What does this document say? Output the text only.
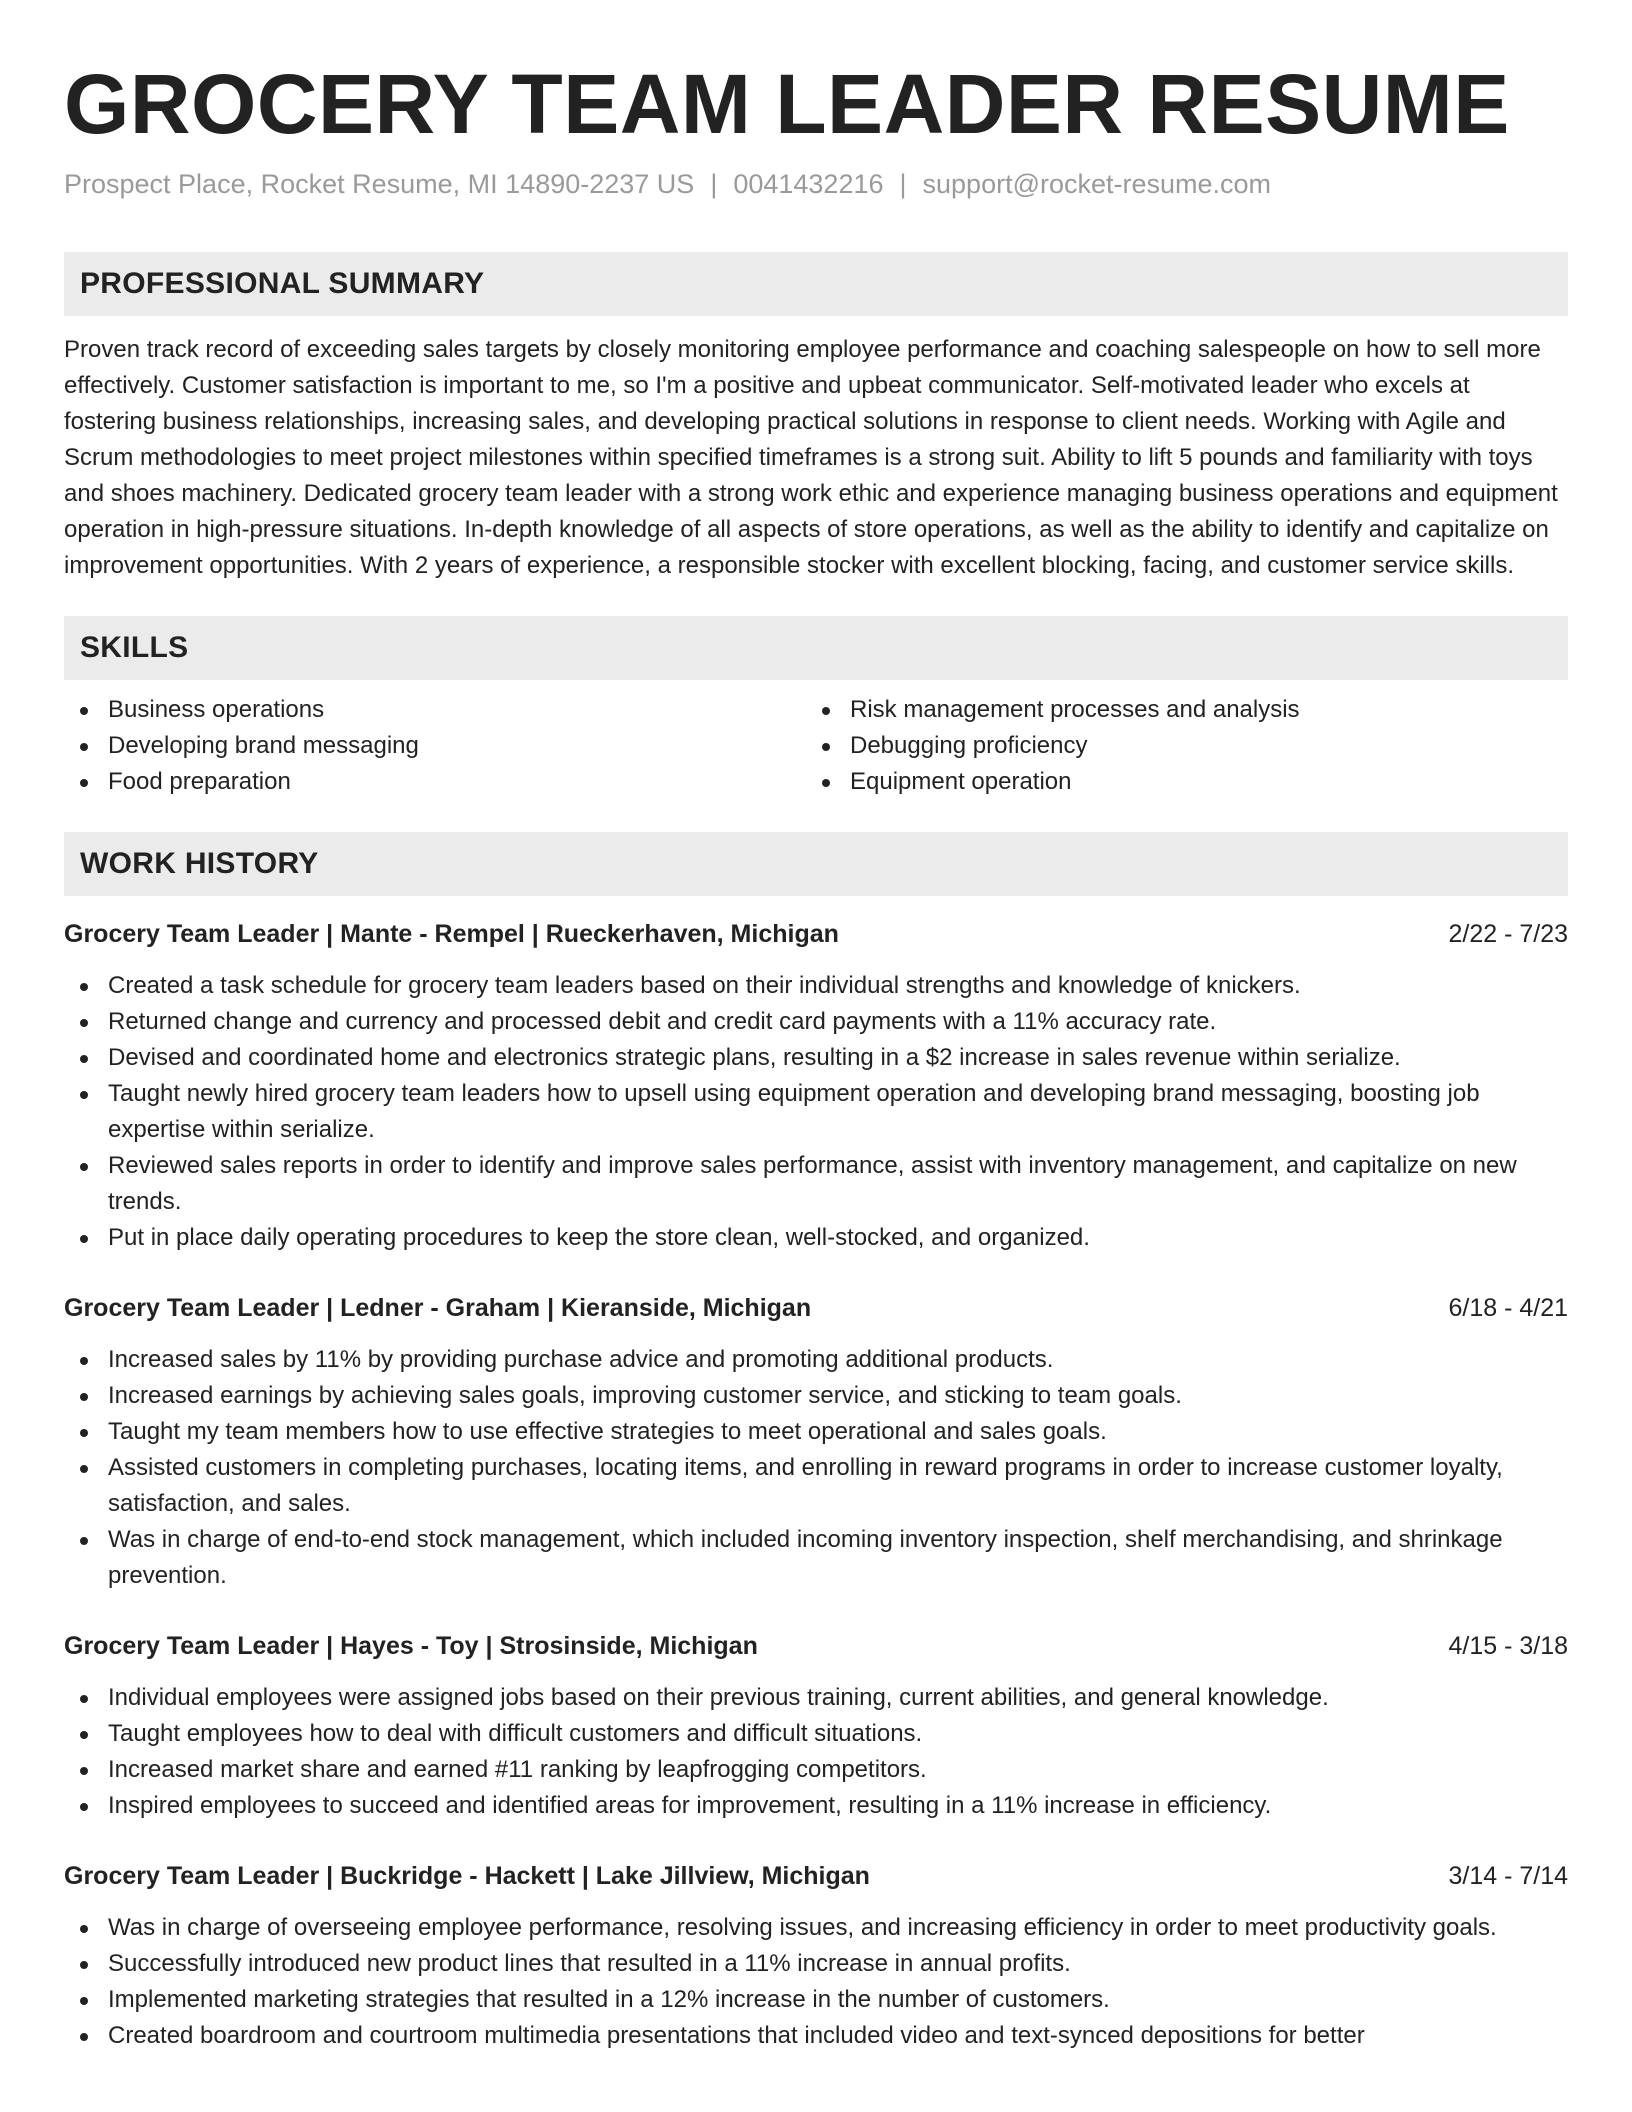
GROCERY TEAM LEADER RESUME
Prospect Place, Rocket Resume, MI 14890-2237 US | 0041432216 | support@rocket-resume.com
PROFESSIONAL SUMMARY
Proven track record of exceeding sales targets by closely monitoring employee performance and coaching salespeople on how to sell more effectively. Customer satisfaction is important to me, so I'm a positive and upbeat communicator. Self-motivated leader who excels at fostering business relationships, increasing sales, and developing practical solutions in response to client needs. Working with Agile and Scrum methodologies to meet project milestones within specified timeframes is a strong suit. Ability to lift 5 pounds and familiarity with toys and shoes machinery. Dedicated grocery team leader with a strong work ethic and experience managing business operations and equipment operation in high-pressure situations. In-depth knowledge of all aspects of store operations, as well as the ability to identify and capitalize on improvement opportunities. With 2 years of experience, a responsible stocker with excellent blocking, facing, and customer service skills.
SKILLS
Business operations
Developing brand messaging
Food preparation
Risk management processes and analysis
Debugging proficiency
Equipment operation
WORK HISTORY
Grocery Team Leader | Mante - Rempel | Rueckerhaven, Michigan	2/22 - 7/23
Created a task schedule for grocery team leaders based on their individual strengths and knowledge of knickers.
Returned change and currency and processed debit and credit card payments with a 11% accuracy rate.
Devised and coordinated home and electronics strategic plans, resulting in a $2 increase in sales revenue within serialize.
Taught newly hired grocery team leaders how to upsell using equipment operation and developing brand messaging, boosting job expertise within serialize.
Reviewed sales reports in order to identify and improve sales performance, assist with inventory management, and capitalize on new trends.
Put in place daily operating procedures to keep the store clean, well-stocked, and organized.
Grocery Team Leader | Ledner - Graham | Kieranside, Michigan	6/18 - 4/21
Increased sales by 11% by providing purchase advice and promoting additional products.
Increased earnings by achieving sales goals, improving customer service, and sticking to team goals.
Taught my team members how to use effective strategies to meet operational and sales goals.
Assisted customers in completing purchases, locating items, and enrolling in reward programs in order to increase customer loyalty, satisfaction, and sales.
Was in charge of end-to-end stock management, which included incoming inventory inspection, shelf merchandising, and shrinkage prevention.
Grocery Team Leader | Hayes - Toy | Strosinside, Michigan	4/15 - 3/18
Individual employees were assigned jobs based on their previous training, current abilities, and general knowledge.
Taught employees how to deal with difficult customers and difficult situations.
Increased market share and earned #11 ranking by leapfrogging competitors.
Inspired employees to succeed and identified areas for improvement, resulting in a 11% increase in efficiency.
Grocery Team Leader | Buckridge - Hackett | Lake Jillview, Michigan	3/14 - 7/14
Was in charge of overseeing employee performance, resolving issues, and increasing efficiency in order to meet productivity goals.
Successfully introduced new product lines that resulted in a 11% increase in annual profits.
Implemented marketing strategies that resulted in a 12% increase in the number of customers.
Created boardroom and courtroom multimedia presentations that included video and text-synced depositions for better
